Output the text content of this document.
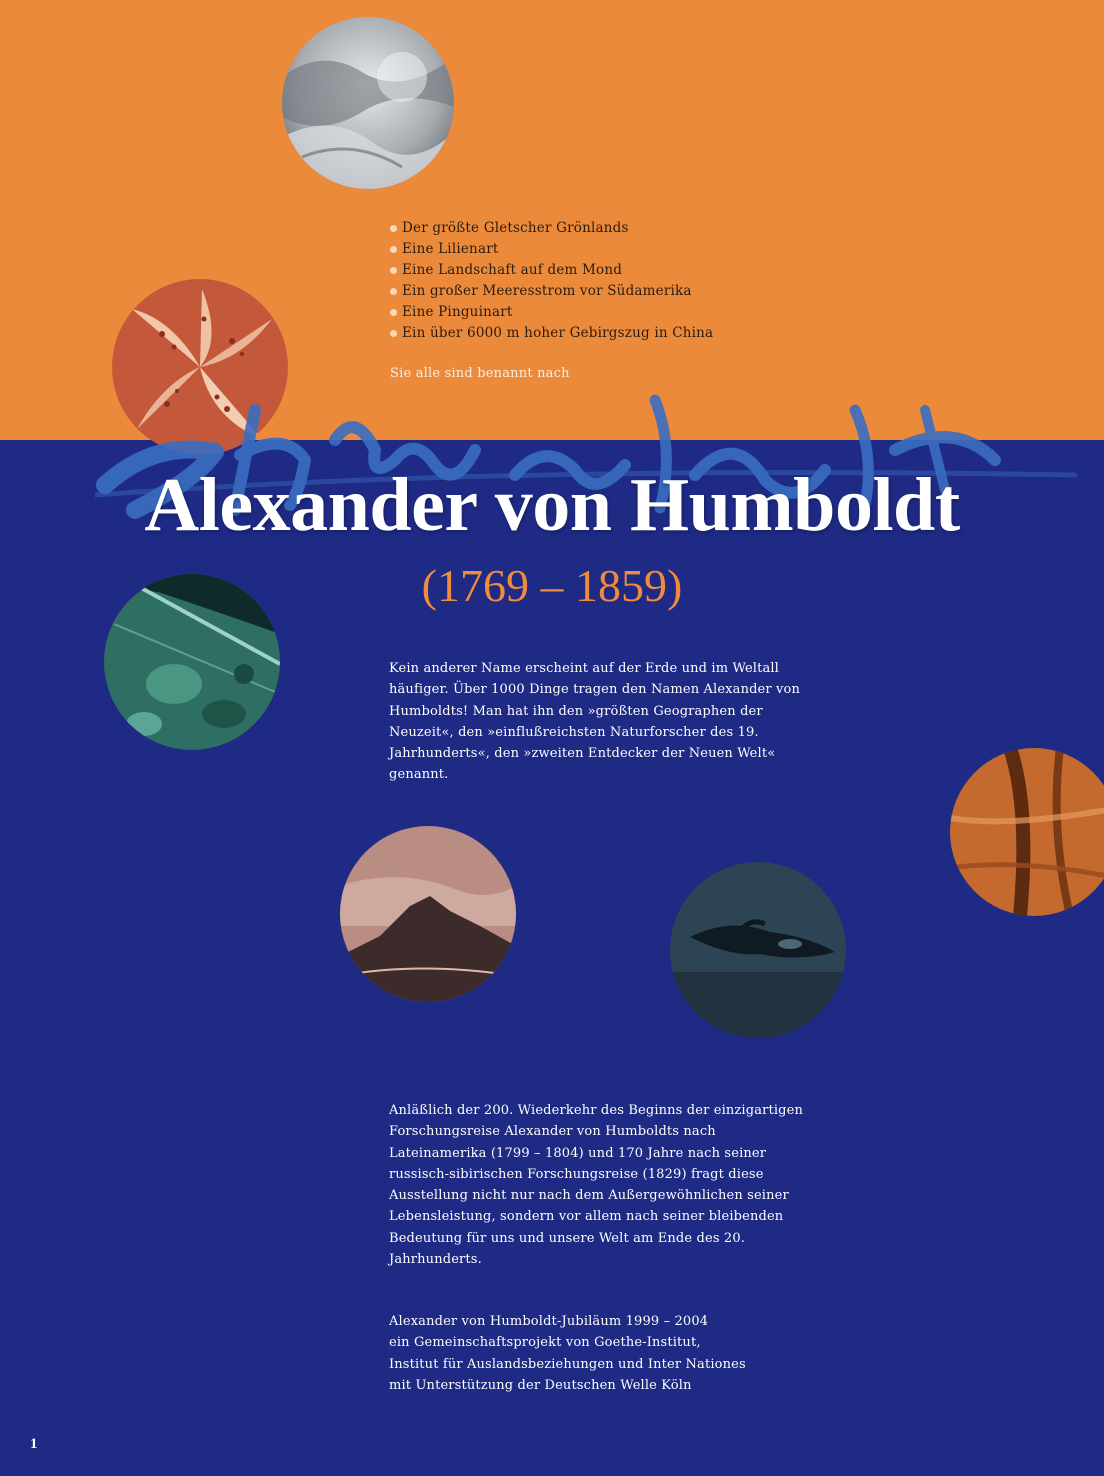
Der größte Gletscher Grönlands
Eine Lilienart
Eine Landschaft auf dem Mond
Ein großer Meeresstrom vor Südamerika
Eine Pinguinart
Ein über 6000 m hoher Gebirgszug in China
Sie alle sind benannt nach
Alexander von Humboldt
(1769 – 1859)

Kein anderer Name erscheint auf der Erde und im Weltall häufiger. Über 1000 Dinge tragen den Namen Alexander von Humboldts! Man hat ihn den »größten Geographen der Neuzeit«, den »einflußreichsten Naturforscher des 19. Jahrhunderts«, den »zweiten Entdecker der Neuen Welt« genannt.

Anläßlich der 200. Wiederkehr des Beginns der einzigartigen Forschungsreise Alexander von Humboldts nach Lateinamerika (1799 – 1804) und 170 Jahre nach seiner russisch-sibirischen Forschungsreise (1829) fragt diese Ausstellung nicht nur nach dem Außergewöhnlichen seiner Lebensleistung, sondern vor allem nach seiner bleibenden Bedeutung für uns und unsere Welt am Ende des 20. Jahrhunderts.

Alexander von Humboldt-Jubiläum 1999 – 2004
ein Gemeinschaftsprojekt von Goethe-Institut,
Institut für Auslandsbeziehungen und Inter Nationes
mit Unterstützung der Deutschen Welle Köln
1
